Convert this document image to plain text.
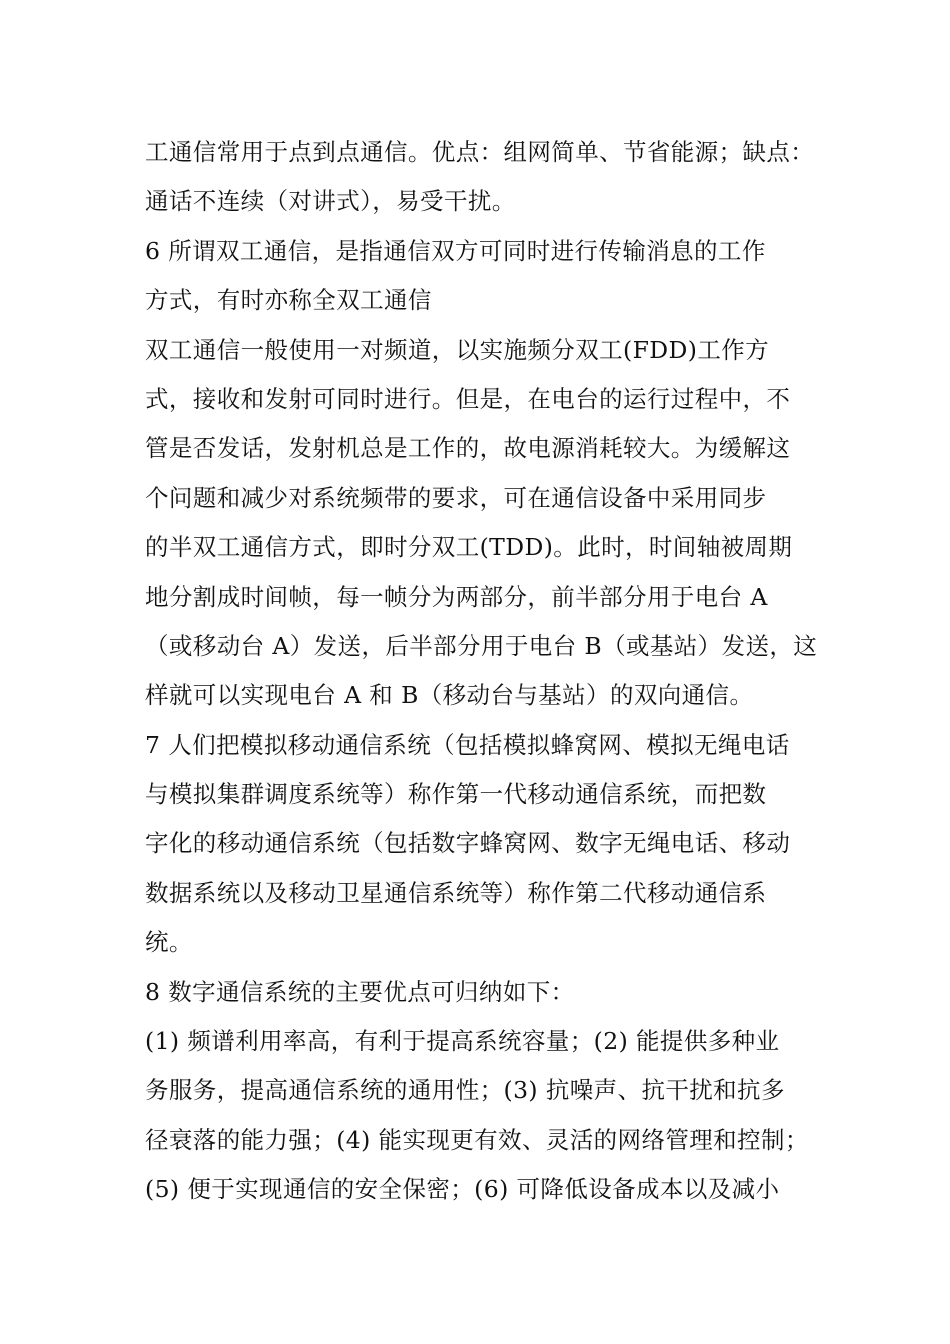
工通信常用于点到点通信。优点：组网简单、节省能源；缺点：
通话不连续（对讲式），易受干扰。
6 所谓双工通信，是指通信双方可同时进行传输消息的工作
方式，有时亦称全双工通信
双工通信一般使用一对频道，以实施频分双工(FDD)工作方
式，接收和发射可同时进行。但是，在电台的运行过程中，不
管是否发话，发射机总是工作的，故电源消耗较大。为缓解这
个问题和减少对系统频带的要求，可在通信设备中采用同步
的半双工通信方式，即时分双工(TDD)。此时，时间轴被周期
地分割成时间帧，每一帧分为两部分，前半部分用于电台 A
（或移动台 A）发送，后半部分用于电台 B（或基站）发送，这
样就可以实现电台 A 和 B（移动台与基站）的双向通信。
7 人们把模拟移动通信系统（包括模拟蜂窝网、模拟无绳电话
与模拟集群调度系统等）称作第一代移动通信系统，而把数
字化的移动通信系统（包括数字蜂窝网、数字无绳电话、移动
数据系统以及移动卫星通信系统等）称作第二代移动通信系
统。
8 数字通信系统的主要优点可归纳如下：
(1) 频谱利用率高，有利于提高系统容量；(2) 能提供多种业
务服务，提高通信系统的通用性；(3) 抗噪声、抗干扰和抗多
径衰落的能力强；(4) 能实现更有效、灵活的网络管理和控制；
(5) 便于实现通信的安全保密；(6) 可降低设备成本以及减小
